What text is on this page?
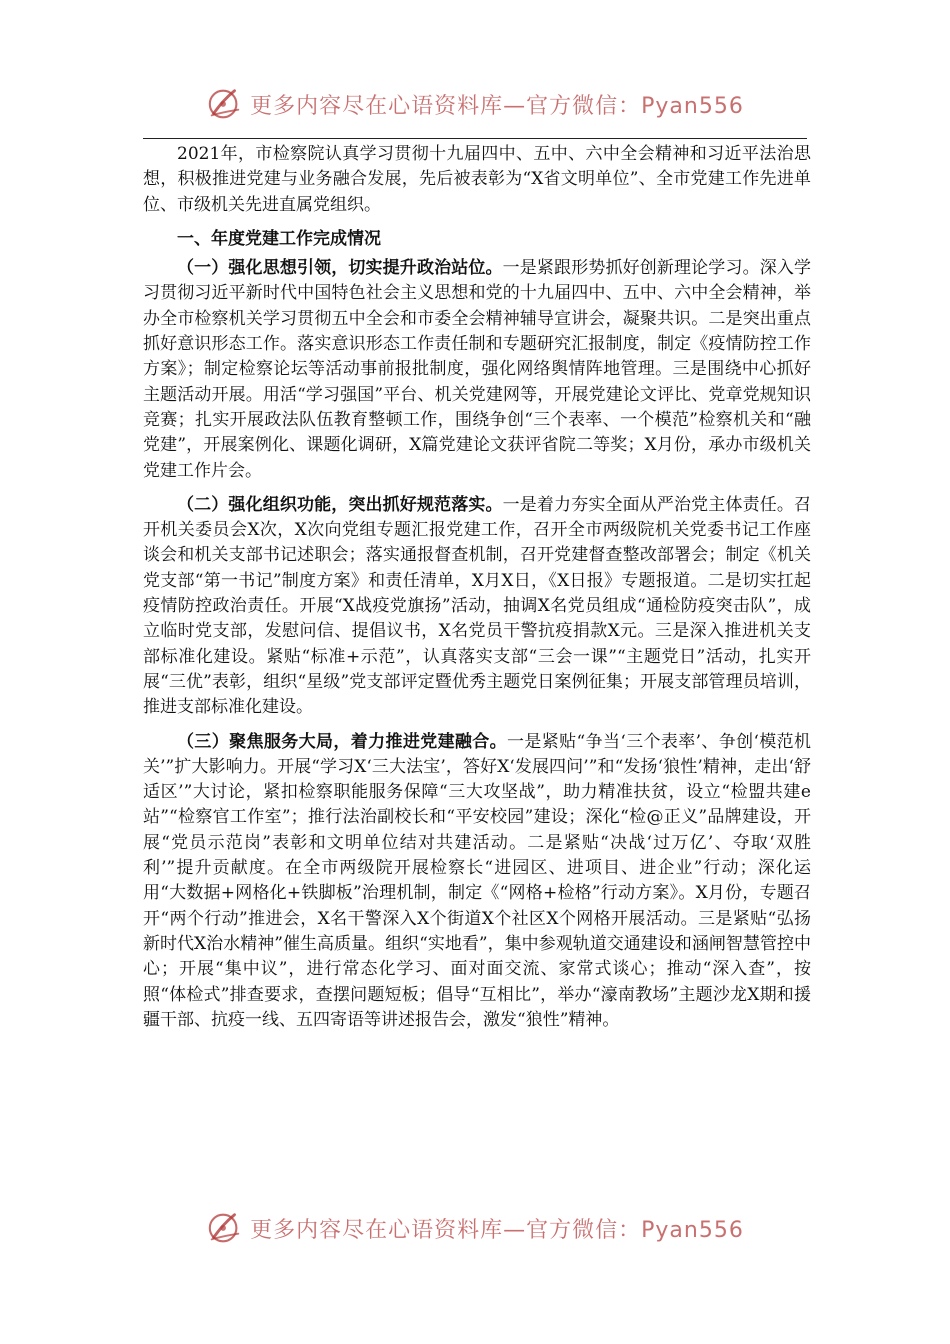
更多内容尽在心语资料库—官方微信：Pyan556

2021年，市检察院认真学习贯彻十九届四中、五中、六中全会精神和习近平法治思想，积极推进党建与业务融合发展，先后被表彰为“X省文明单位”、全市党建工作先进单位、市级机关先进直属党组织。

一、年度党建工作完成情况

（一）强化思想引领，切实提升政治站位。一是紧跟形势抓好创新理论学习。深入学习贯彻习近平新时代中国特色社会主义思想和党的十九届四中、五中、六中全会精神，举办全市检察机关学习贯彻五中全会和市委全会精神辅导宣讲会，凝聚共识。二是突出重点抓好意识形态工作。落实意识形态工作责任制和专题研究汇报制度，制定《疫情防控工作方案》；制定检察论坛等活动事前报批制度，强化网络舆情阵地管理。三是围绕中心抓好主题活动开展。用活“学习强国”平台、机关党建网等，开展党建论文评比、党章党规知识竞赛；扎实开展政法队伍教育整顿工作，围绕争创“三个表率、一个模范”检察机关和“融党建”，开展案例化、课题化调研，X篇党建论文获评省院二等奖；X月份，承办市级机关党建工作片会。

（二）强化组织功能，突出抓好规范落实。一是着力夯实全面从严治党主体责任。召开机关委员会X次，X次向党组专题汇报党建工作，召开全市两级院机关党委书记工作座谈会和机关支部书记述职会；落实通报督查机制，召开党建督查整改部署会；制定《机关党支部“第一书记”制度方案》和责任清单，X月X日，《X日报》专题报道。二是切实扛起疫情防控政治责任。开展“X战疫党旗扬”活动，抽调X名党员组成“通检防疫突击队”，成立临时党支部，发慰问信、提倡议书，X名党员干警抗疫捐款X元。三是深入推进机关支部标准化建设。紧贴“标准+示范”，认真落实支部“三会一课”“主题党日”活动，扎实开展“三优”表彰，组织“星级”党支部评定暨优秀主题党日案例征集；开展支部管理员培训，推进支部标准化建设。

（三）聚焦服务大局，着力推进党建融合。一是紧贴“争当‘三个表率’、争创‘模范机关’”扩大影响力。开展“学习X‘三大法宝’，答好X‘发展四问’”和“发扬‘狼性’精神，走出‘舒适区’”大讨论，紧扣检察职能服务保障“三大攻坚战”，助力精准扶贫，设立“检盟共建e站”“检察官工作室”；推行法治副校长和“平安校园”建设；深化“检@正义”品牌建设，开展“党员示范岗”表彰和文明单位结对共建活动。二是紧贴“决战‘过万亿’、夺取‘双胜利’”提升贡献度。在全市两级院开展检察长“进园区、进项目、进企业”行动；深化运用“大数据+网格化+铁脚板”治理机制，制定《“网格+检格”行动方案》。X月份，专题召开“两个行动”推进会，X名干警深入X个街道X个社区X个网格开展活动。三是紧贴“弘扬新时代X治水精神”催生高质量。组织“实地看”，集中参观轨道交通建设和涵闸智慧管控中心；开展“集中议”，进行常态化学习、面对面交流、家常式谈心；推动“深入查”，按照“体检式”排查要求，查摆问题短板；倡导“互相比”，举办“濠南教场”主题沙龙X期和援疆干部、抗疫一线、五四寄语等讲述报告会，激发“狼性”精神。

更多内容尽在心语资料库—官方微信：Pyan556
